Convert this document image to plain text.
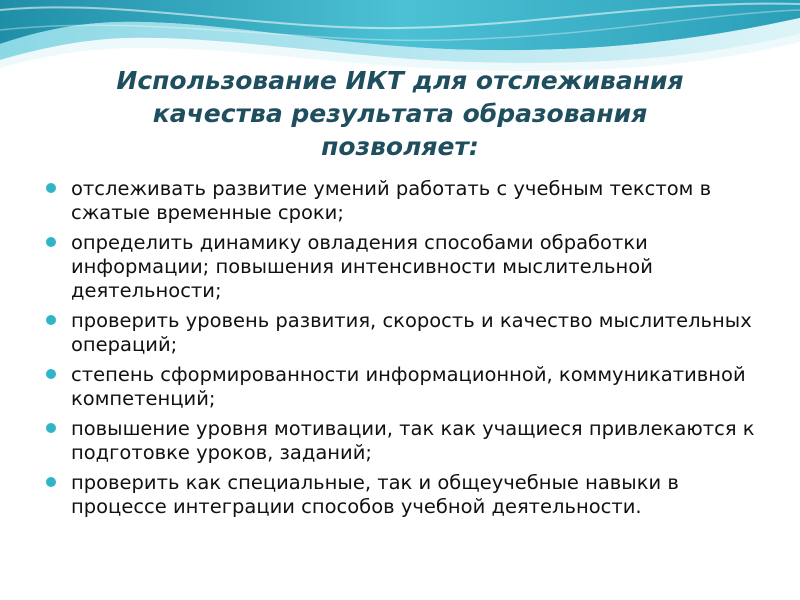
Использование ИКТ для отслеживания
качества результата образования
позволяет:
отслеживать развитие умений работать с учебным текстом в сжатые временные сроки;
определить динамику овладения способами обработки информации; повышения интенсивности мыслительной деятельности;
проверить уровень развития, скорость и качество мыслительных операций;
степень сформированности информационной, коммуникативной компетенций;
повышение уровня мотивации, так как учащиеся привлекаются к подготовке уроков, заданий;
проверить как специальные, так и общеучебные навыки в процессе интеграции способов учебной деятельности.
